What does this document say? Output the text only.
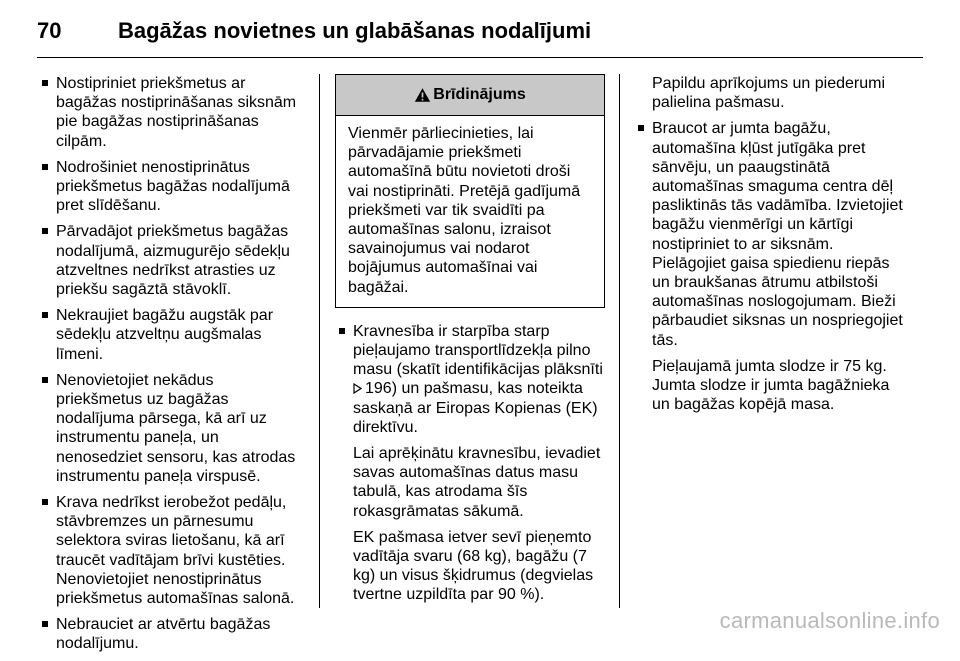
70	Bagāžas novietnes un glabāšanas nodalījumi
Nostipriniet priekšmetus ar bagāžas nostiprināšanas siksnām pie bagāžas nostiprināšanas cilpām.
Nodrošiniet nenostiprinātus priekšmetus bagāžas nodalījumā pret slīdēšanu.
Pārvadājot priekšmetus bagāžas nodalījumā, aizmugurējo sēdekļu atzveltnes nedrīkst atrasties uz priekšu sagāztā stāvoklī.
Nekraujiet bagāžu augstāk par sēdekļu atzveltņu augšmalas līmeni.
Nenovietojiet nekādus priekšmetus uz bagāžas nodalījuma pārsega, kā arī uz instrumentu paneļa, un nenosedziet sensoru, kas atrodas instrumentu paneļa virspusē.
Krava nedrīkst ierobežot pedāļu, stāvbremzes un pārnesumu selektora sviras lietošanu, kā arī traucēt vadītājam brīvi kustēties. Nenovietojiet nenostiprinātus priekšmetus automašīnas salonā.
Nebrauciet ar atvērtu bagāžas nodalījumu.
Brīdinājums
Vienmēr pārliecinieties, lai pārvadājamie priekšmeti automašīnā būtu novietoti droši vai nostiprināti. Pretējā gadījumā priekšmeti var tik svaidīti pa automašīnas salonu, izraisot savainojumus vai nodarot bojājumus automašīnai vai bagāžai.
Kravnesība ir starpība starp pieļaujamo transportlīdzekļa pilno masu (skatīt identifikācijas plāksnīti 196) un pašmasu, kas noteikta saskaņā ar Eiropas Kopienas (EK) direktīvu.

Lai aprēķinātu kravnesību, ievadiet savas automašīnas datus masu tabulā, kas atrodama šīs rokasgrāmatas sākumā.

EK pašmasa ietver sevī pieņemto vadītāja svaru (68 kg), bagāžu (7 kg) un visus šķidrumus (degvielas tvertne uzpildīta par 90 %).

Papildu aprīkojums un piederumi palielina pašmasu.

Braucot ar jumta bagāžu, automašīna kļūst jutīgāka pret sānvēju, un paaugstinātā automašīnas smaguma centra dēļ pasliktinās tās vadāmība. Izvietojiet bagāžu vienmērīgi un kārtīgi nostipriniet to ar siksnām. Pielāgojiet gaisa spiedienu riepās un braukšanas ātrumu atbilstoši automašīnas noslogojumam. Bieži pārbaudiet siksnas un nospriegojiet tās.

Pieļaujamā jumta slodze ir 75 kg. Jumta slodze ir jumta bagāžnieka un bagāžas kopējā masa.

carmanualsonline.info
